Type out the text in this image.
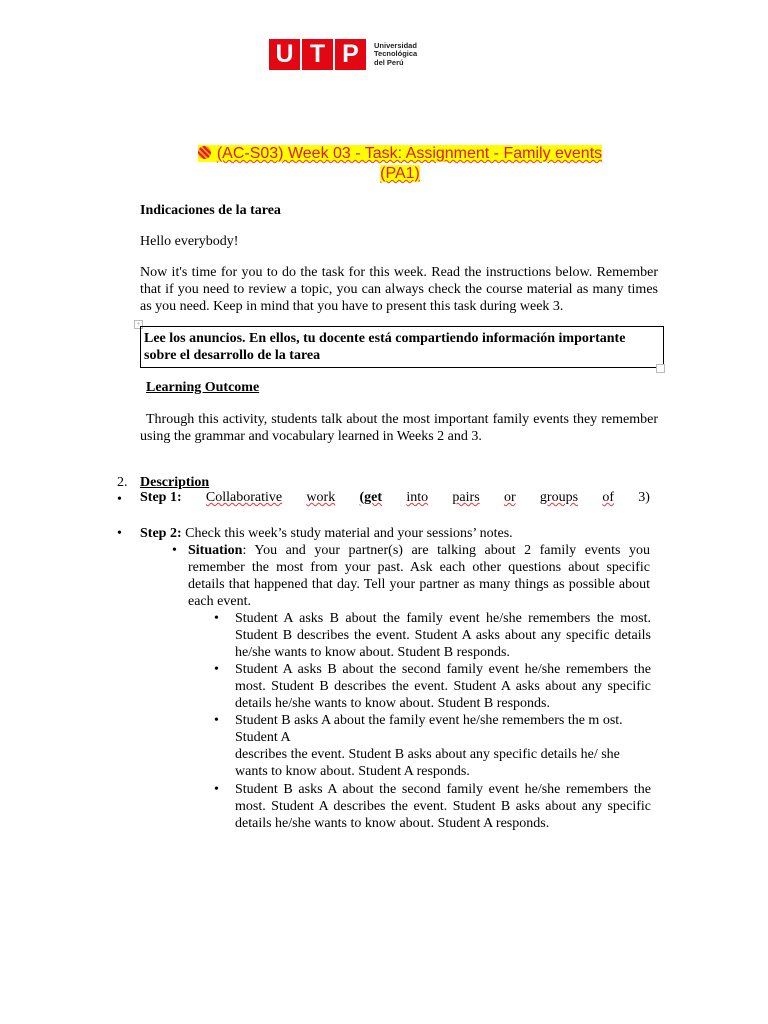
U T P	Universidad
Tecnológica
del Perú
(AC-S03) Week 03 - Task: Assignment - Family events
(PA1)

Indicaciones de la tarea

Hello everybody!

Now it's time for you to do the task for this week. Read the instructions below. Remember that if you need to review a topic, you can always check the course material as many times as you need. Keep in mind that you have to present this task during week 3.

+
Lee los anuncios. En ellos, tu docente está compartiendo información importante sobre el desarrollo de la tarea

Learning Outcome

Through this activity, students talk about the most important family events they remember using the grammar and vocabulary learned in Weeks 2 and 3.

2. Description
• Step 1: Collaborative work (get into pairs or groups of 3)
• Step 2: Check this week’s study material and your sessions’ notes.

• Situation: You and your partner(s) are talking about 2 family events you remember the most from your past. Ask each other questions about specific details that happened that day. Tell your partner as many things as possible about each event.

• Student A asks B about the family event he/she remembers the most. Student B describes the event. Student A asks about any specific details he/she wants to know about. Student B responds.

• Student A asks B about the second family event he/she remembers the most. Student B describes the event. Student A asks about any specific details he/she wants to know about. Student B responds.

• Student B asks A about the family event he/she remembers the m ost. Student A

describes the event. Student B asks about any specific details he/ she wants to know about. Student A responds.

• Student B asks A about the second family event he/she remembers the most. Student A describes the event. Student B asks about any specific details he/she wants to know about. Student A responds.
